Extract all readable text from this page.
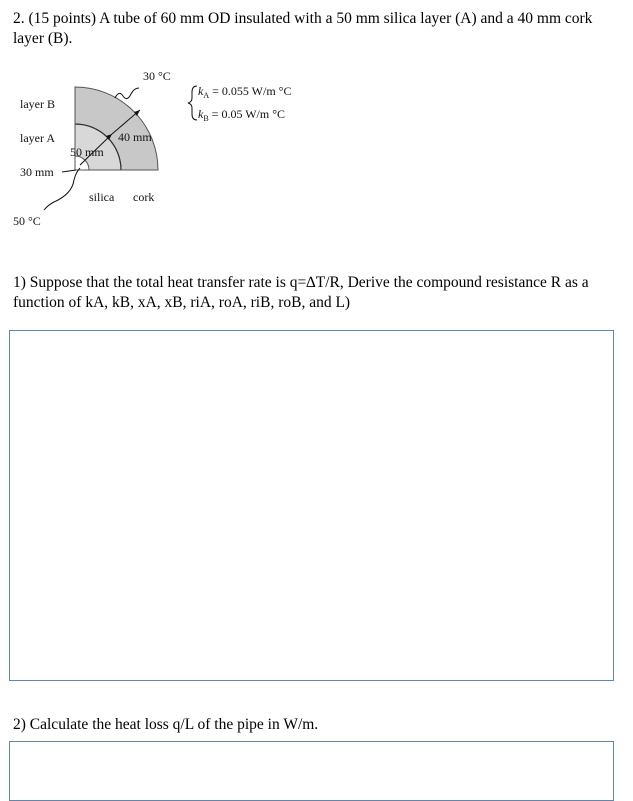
2. (15 points) A tube of 60 mm OD insulated with a 50 mm silica layer (A) and a 40 mm cork layer (B).
30 °C
layer B
layer A	40 mm
50 mm
30 mm
silica cork
50 °C
$k_A = 0.055$ W/m °C
$k_B = 0.05$ W/m °C
1) Suppose that the total heat transfer rate is q=∆T/R, Derive the compound resistance R as a function of kA, kB, xA, xB, riA, roA, riB, roB, and L)
2) Calculate the heat loss q/L of the pipe in W/m.
